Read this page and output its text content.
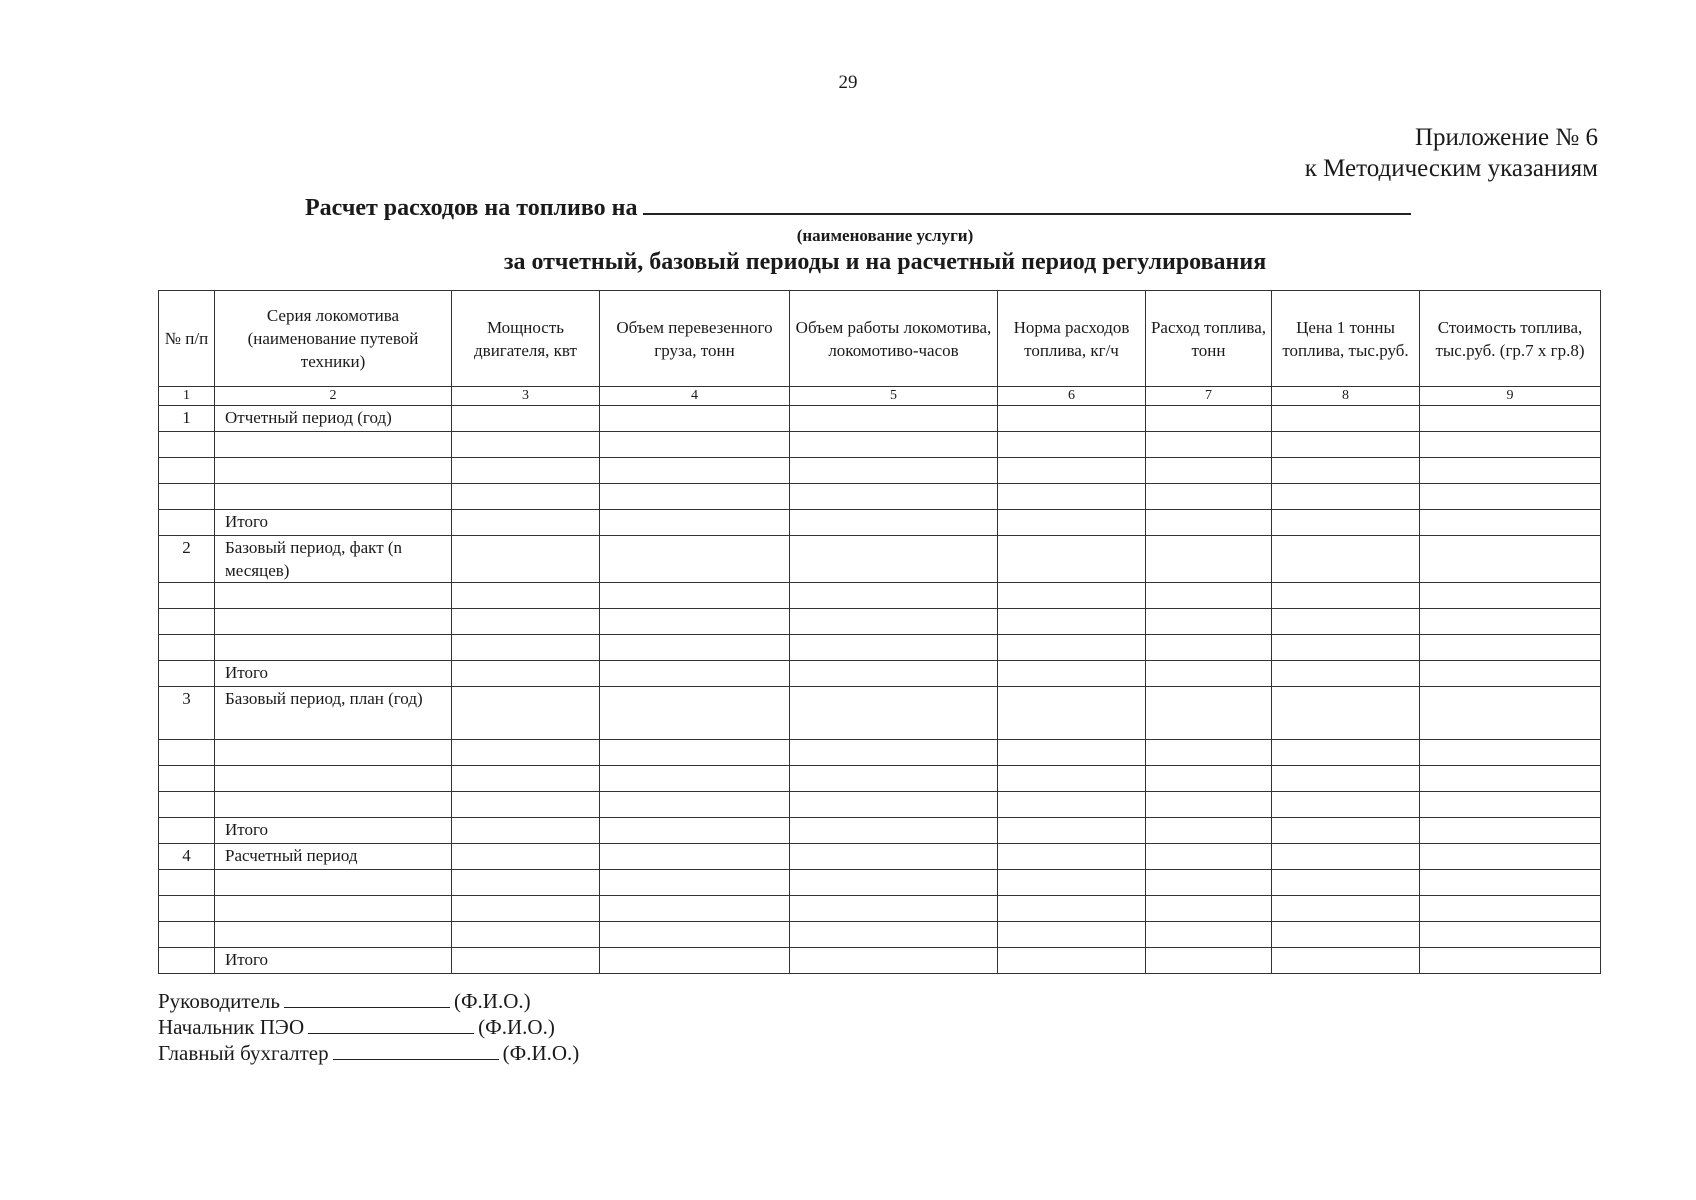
29
Приложение № 6
к Методическим указаниям
Расчет расходов на топливо на
(наименование услуги)
за отчетный, базовый периоды и на расчетный период регулирования
№ п/п	Серия локомотива (наименование путевой техники)	Мощность двигателя, квт	Объем перевезенного груза, тонн	Объем работы локомотива, локомотиво-часов	Норма расходов топлива, кг/ч	Расход топлива, тонн	Цена 1 тонны топлива, тыс.руб.	Стоимость топлива, тыс.руб. (гр.7 х гр.8)
1	2	3	4	5	6	7	8	9
1	Отчетный период (год)							

	Итого							
2	Базовый период, факт (n месяцев)							

	Итого							
3	Базовый период, план (год)							

	Итого							
4	Расчетный период							

	Итого							
Руководитель	(Ф.И.О.)
Начальник ПЭО	(Ф.И.О.)
Главный бухгалтер	(Ф.И.О.)
